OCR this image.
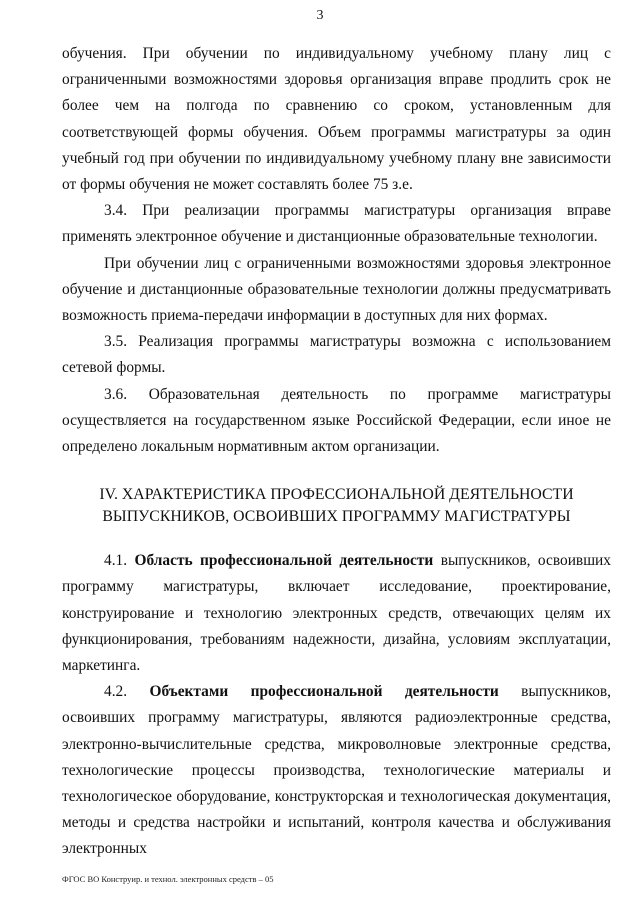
3

обучения. При обучении по индивидуальному учебному плану лиц с ограниченными возможностями здоровья организация вправе продлить срок не более чем на полгода по сравнению со сроком, установленным для соответствующей формы обучения. Объем программы магистратуры за один учебный год при обучении по индивидуальному учебному плану вне зависимости от формы обучения не может составлять более 75 з.е.

3.4. При реализации программы магистратуры организация вправе применять электронное обучение и дистанционные образовательные технологии.

При обучении лиц с ограниченными возможностями здоровья электронное обучение и дистанционные образовательные технологии должны предусматривать возможность приема-передачи информации в доступных для них формах.

3.5. Реализация программы магистратуры возможна с использованием сетевой формы.

3.6. Образовательная деятельность по программе магистратуры осуществляется на государственном языке Российской Федерации, если иное не определено локальным нормативным актом организации.

IV. ХАРАКТЕРИСТИКА ПРОФЕССИОНАЛЬНОЙ ДЕЯТЕЛЬНОСТИ
ВЫПУСКНИКОВ, ОСВОИВШИХ ПРОГРАММУ МАГИСТРАТУРЫ

4.1. Область профессиональной деятельности выпускников, освоивших программу магистратуры, включает исследование, проектирование, конструирование и технологию электронных средств, отвечающих целям их функционирования, требованиям надежности, дизайна, условиям эксплуатации, маркетинга.

4.2. Объектами профессиональной деятельности выпускников, освоивших программу магистратуры, являются радиоэлектронные средства, электронно-вычислительные средства, микроволновые электронные средства, технологические процессы производства, технологические материалы и технологическое оборудование, конструкторская и технологическая документация, методы и средства настройки и испытаний, контроля качества и обслуживания электронных

ФГОС ВО Конструир. и технол. электронных средств – 05
